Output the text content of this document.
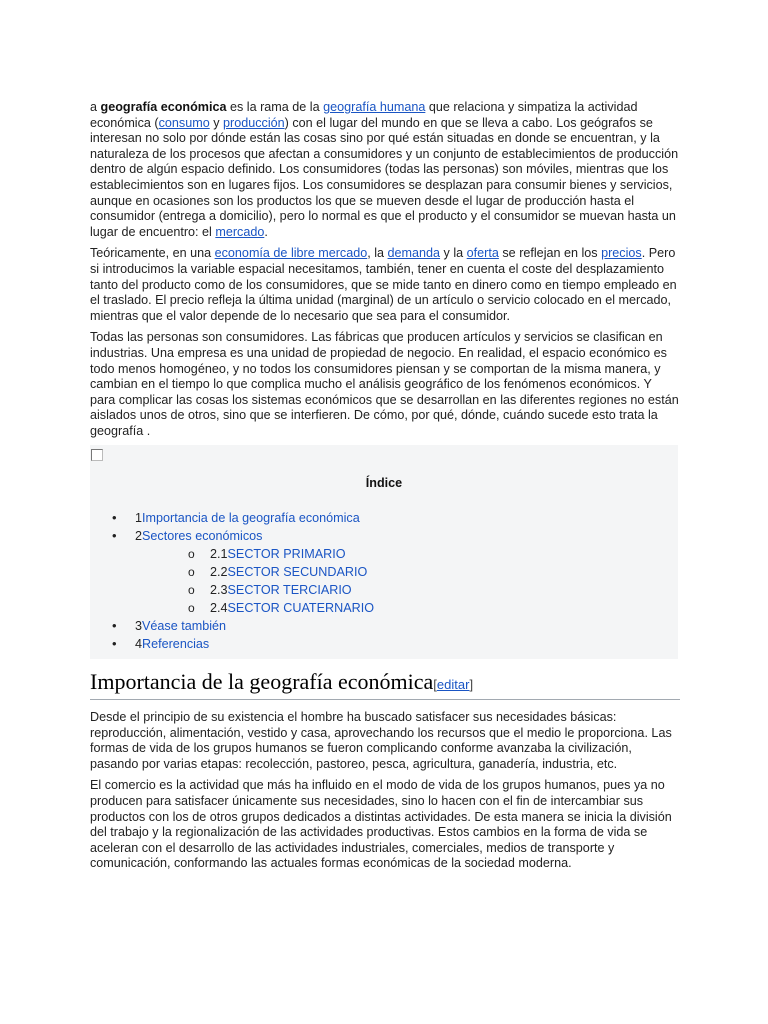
a geografía económica es la rama de la geografía humana que relaciona y simpatiza la actividad económica (consumo y producción) con el lugar del mundo en que se lleva a cabo. Los geógrafos se interesan no solo por dónde están las cosas sino por qué están situadas en donde se encuentran, y la naturaleza de los procesos que afectan a consumidores y un conjunto de establecimientos de producción dentro de algún espacio definido. Los consumidores (todas las personas) son móviles, mientras que los establecimientos son en lugares fijos. Los consumidores se desplazan para consumir bienes y servicios, aunque en ocasiones son los productos los que se mueven desde el lugar de producción hasta el consumidor (entrega a domicilio), pero lo normal es que el producto y el consumidor se muevan hasta un lugar de encuentro: el mercado.

Teóricamente, en una economía de libre mercado, la demanda y la oferta se reflejan en los precios. Pero si introducimos la variable espacial necesitamos, también, tener en cuenta el coste del desplazamiento tanto del producto como de los consumidores, que se mide tanto en dinero como en tiempo empleado en el traslado. El precio refleja la última unidad (marginal) de un artículo o servicio colocado en el mercado, mientras que el valor depende de lo necesario que sea para el consumidor.

Todas las personas son consumidores. Las fábricas que producen artículos y servicios se clasifican en industrias. Una empresa es una unidad de propiedad de negocio. En realidad, el espacio económico es todo menos homogéneo, y no todos los consumidores piensan y se comportan de la misma manera, y cambian en el tiempo lo que complica mucho el análisis geográfico de los fenómenos económicos. Y para complicar las cosas los sistemas económicos que se desarrollan en las diferentes regiones no están aislados unos de otros, sino que se interfieren. De cómo, por qué, dónde, cuándo sucede esto trata la geografía .

Índice
• 1Importancia de la geografía económica
• 2Sectores económicos
o 2.1SECTOR PRIMARIO
o 2.2SECTOR SECUNDARIO
o 2.3SECTOR TERCIARIO
o 2.4SECTOR CUATERNARIO
• 3Véase también
• 4Referencias
Importancia de la geografía económica[editar]

Desde el principio de su existencia el hombre ha buscado satisfacer sus necesidades básicas: reproducción, alimentación, vestido y casa, aprovechando los recursos que el medio le proporciona. Las formas de vida de los grupos humanos se fueron complicando conforme avanzaba la civilización, pasando por varias etapas: recolección, pastoreo, pesca, agricultura, ganadería, industria, etc.

El comercio es la actividad que más ha influido en el modo de vida de los grupos humanos, pues ya no producen para satisfacer únicamente sus necesidades, sino lo hacen con el fin de intercambiar sus productos con los de otros grupos dedicados a distintas actividades. De esta manera se inicia la división del trabajo y la regionalización de las actividades productivas. Estos cambios en la forma de vida se aceleran con el desarrollo de las actividades industriales, comerciales, medios de transporte y comunicación, conformando las actuales formas económicas de la sociedad moderna.
